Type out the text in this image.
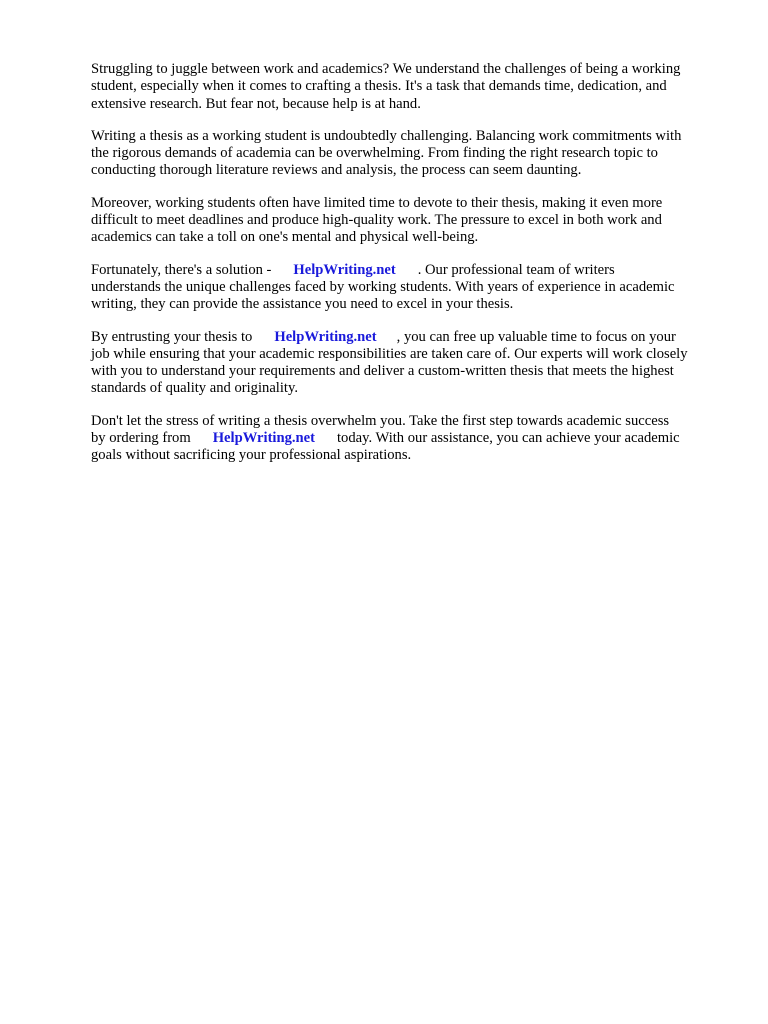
Struggling to juggle between work and academics? We understand the challenges of being a working
student, especially when it comes to crafting a thesis. It's a task that demands time, dedication, and
extensive research. But fear not, because help is at hand.

Writing a thesis as a working student is undoubtedly challenging. Balancing work commitments with
the rigorous demands of academia can be overwhelming. From finding the right research topic to
conducting thorough literature reviews and analysis, the process can seem daunting.

Moreover, working students often have limited time to devote to their thesis, making it even more
difficult to meet deadlines and produce high-quality work. The pressure to excel in both work and
academics can take a toll on one's mental and physical well-being.

Fortunately, there's a solution - HelpWriting.net . Our professional team of writers
understands the unique challenges faced by working students. With years of experience in academic
writing, they can provide the assistance you need to excel in your thesis.

By entrusting your thesis to HelpWriting.net , you can free up valuable time to focus on your
job while ensuring that your academic responsibilities are taken care of. Our experts will work closely
with you to understand your requirements and deliver a custom-written thesis that meets the highest
standards of quality and originality.

Don't let the stress of writing a thesis overwhelm you. Take the first step towards academic success
by ordering from HelpWriting.net today. With our assistance, you can achieve your academic
goals without sacrificing your professional aspirations.
